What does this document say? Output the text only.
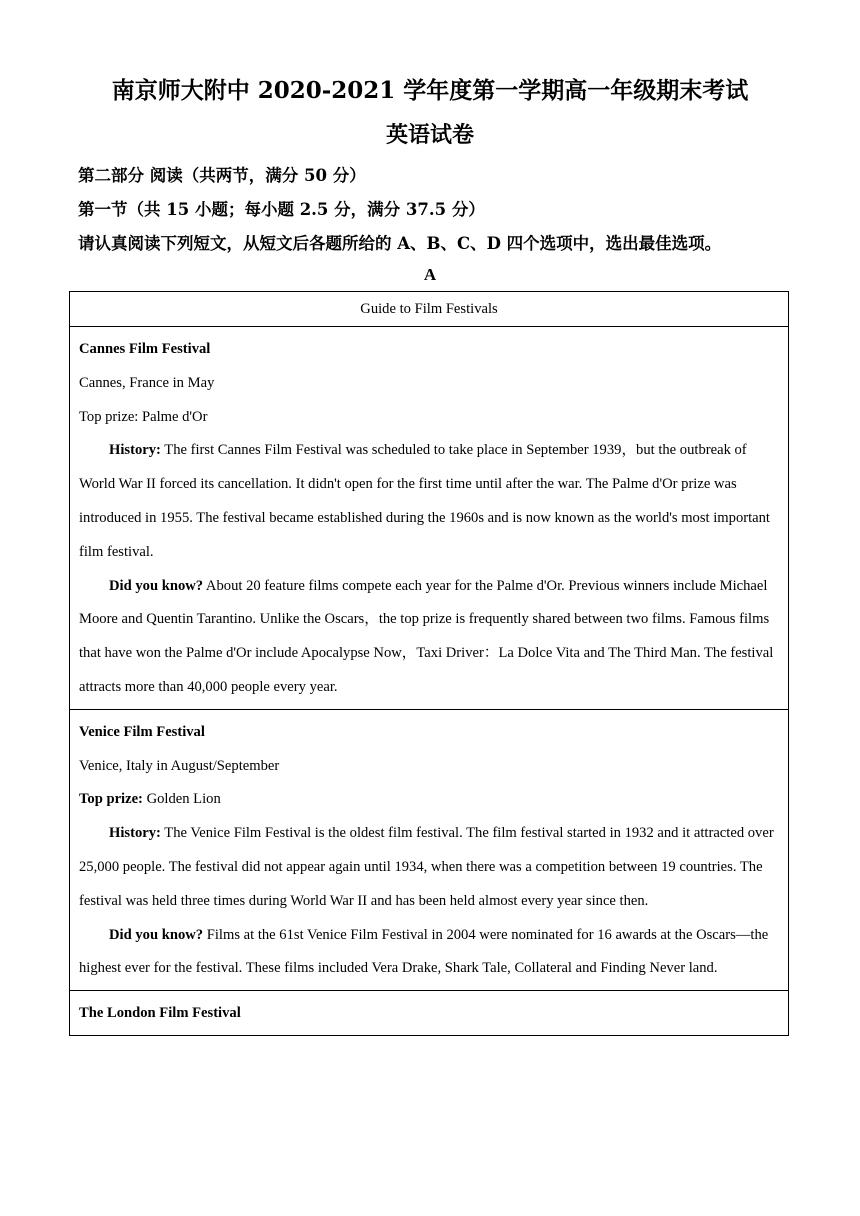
南京师大附中 2020-2021 学年度第一学期高一年级期末考试
英语试卷
第二部分 阅读（共两节，满分 50 分）
第一节（共 15 小题；每小题 2.5 分，满分 37.5 分）
请认真阅读下列短文，从短文后各题所给的 A、B、C、D 四个选项中，选出最佳选项。
A
Guide to Film Festivals

Cannes Film Festival

Cannes, France in May

Top prize: Palme d'Or

History: The first Cannes Film Festival was scheduled to take place in September 1939，but the outbreak of World War II forced its cancellation. It didn't open for the first time until after the war. The Palme d'Or prize was introduced in 1955. The festival became established during the 1960s and is now known as the world's most important film festival.

Did you know? About 20 feature films compete each year for the Palme d'Or. Previous winners include Michael Moore and Quentin Tarantino. Unlike the Oscars，the top prize is frequently shared between two films. Famous films that have won the Palme d'Or include Apocalypse Now，Taxi Driver：La Dolce Vita and The Third Man. The festival attracts more than 40,000 people every year.

Venice Film Festival

Venice, Italy in August/September

Top prize: Golden Lion

History: The Venice Film Festival is the oldest film festival. The film festival started in 1932 and it attracted over 25,000 people. The festival did not appear again until 1934, when there was a competition between 19 countries. The festival was held three times during World War II and has been held almost every year since then.

Did you know? Films at the 61st Venice Film Festival in 2004 were nominated for 16 awards at the Oscars—the highest ever for the festival. These films included Vera Drake, Shark Tale, Collateral and Finding Never land.

The London Film Festival
